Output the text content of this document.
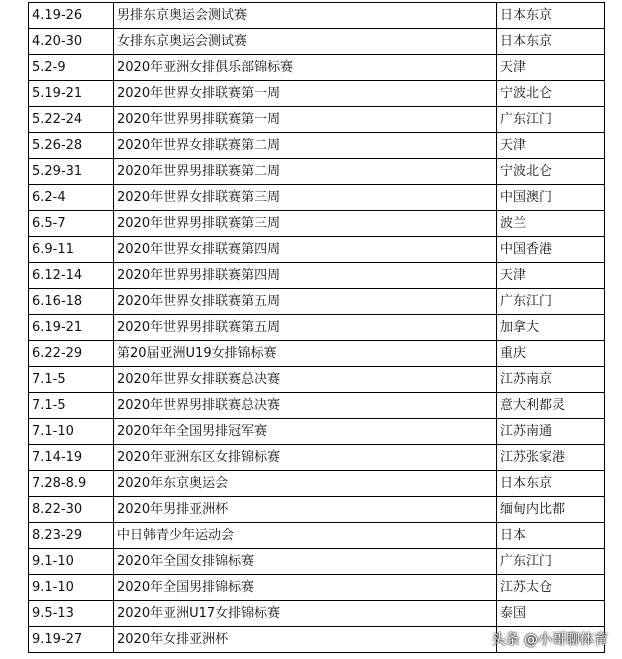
4.19-26	男排东京奥运会测试赛	日本东京
4.20-30	女排东京奥运会测试赛	日本东京
5.2-9	2020年亚洲女排俱乐部锦标赛	天津
5.19-21	2020年世界女排联赛第一周	宁波北仑
5.22-24	2020年世界男排联赛第一周	广东江门
5.26-28	2020年世界女排联赛第二周	天津
5.29-31	2020年世界男排联赛第二周	宁波北仑
6.2-4	2020年世界女排联赛第三周	中国澳门
6.5-7	2020年世界男排联赛第三周	波兰
6.9-11	2020年世界女排联赛第四周	中国香港
6.12-14	2020年世界男排联赛第四周	天津
6.16-18	2020年世界女排联赛第五周	广东江门
6.19-21	2020年世界男排联赛第五周	加拿大
6.22-29	第20届亚洲U19女排锦标赛	重庆
7.1-5	2020年世界女排联赛总决赛	江苏南京
7.1-5	2020年世界男排联赛总决赛	意大利都灵
7.1-10	2020年年全国男排冠军赛	江苏南通
7.14-19	2020年亚洲东区女排锦标赛	江苏张家港
7.28-8.9	2020年东京奥运会	日本东京
8.22-30	2020年男排亚洲杯	缅甸内比都
8.23-29	中日韩青少年运动会	日本
9.1-10	2020年全国女排锦标赛	广东江门
9.1-10	2020年全国男排锦标赛	江苏太仓
9.5-13	2020年亚洲U17女排锦标赛	泰国
9.19-27	2020年女排亚洲杯		头条 @小哥聊体育
